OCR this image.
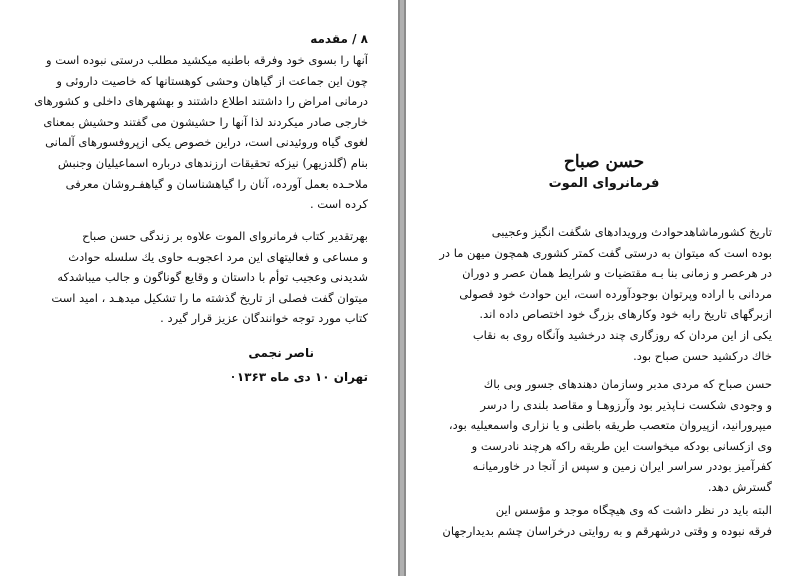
۸ / مقدمه
آنها را بسوی خود وفرقه باطنیه میکشید مطلب درستی نبوده است و
چون این جماعت از گیاهان وحشی کوهستانها که خاصیت داروئی و
درمانی امراض را داشتند اطلاع داشتند و بهشهرهای داخلی و کشورهای
خارجی صادر میکردند لذا آنها را حشیشون می گفتند وحشیش بمعنای
لغوی گیاه وروئیدنی است، دراین خصوص یکی ازپروفسورهای آلمانی
بنام (گلدزیهر) نیزکه تحقیقات ارزندهای درباره اسماعیلیان وجنبش
ملاحـده بعمل آورده، آنان را گیاهشناسان و گیاهفـروشان معرفی
کرده است .
بهرتقدیر کتاب فرمانروای الموت علاوه بر زندگی حسن صباح
و مساعی و فعالیتهای این مرد اعجوبـه حاوی یك سلسله حوادث
شدیدنی وعجیب توأم با داستان و وقایع گوناگون و جالب میباشدکه
میتوان گفت فصلی از تاریخ گذشته ما را تشکیل میدهـد ، امید است
کتاب مورد توجه خوانندگان عزیز قرار گیرد .
ناصر نجمی
تهران ۱۰ دی ماه ۱۳۶۳
حسن صباح
فرمانروای الموت
تاریخ کشورماشاهدحوادث ورویدادهای شگفت انگیز وعجیبی
بوده است که میتوان به درستی گفت کمتر کشوری همچون میهن ما در
در هرعصر و زمانی بنا بـه مقتضیات و شرایط همان عصر و دوران
مردانی با اراده وپرتوان بوجودآورده است، این حوادث خود فصولی
ازبرگهای تاریخ رابه خود وکارهای بزرگ خود اختصاص داده اند.
یکی از این مردان که روزگاری چند درخشید وآنگاه روی به نقاب
خاك درکشید حسن صباح بود.
حسن صباح که مردی مدبر وسازمان دهندهای جسور وبی باك
و وجودی شکست نـاپذیر بود وآرزوهـا و مقاصد بلندی را درسر
میپرورانید، ازپیروان متعصب طریقه باطنی و یا نزاری واسمعیلیه بود،
وی ازکسانی بودکه میخواست این طریقه راکه هرچند نادرست و
کفرآمیز بوددر سراسر ایران زمین و سپس از آنجا در خاورمیانـه
گسترش دهد.
البته باید در نظر داشت که وی هیچگاه موجد و مؤسس این
فرقه نبوده و وقتی درشهرقم و به روایتی درخراسان چشم بدیدارجهان
